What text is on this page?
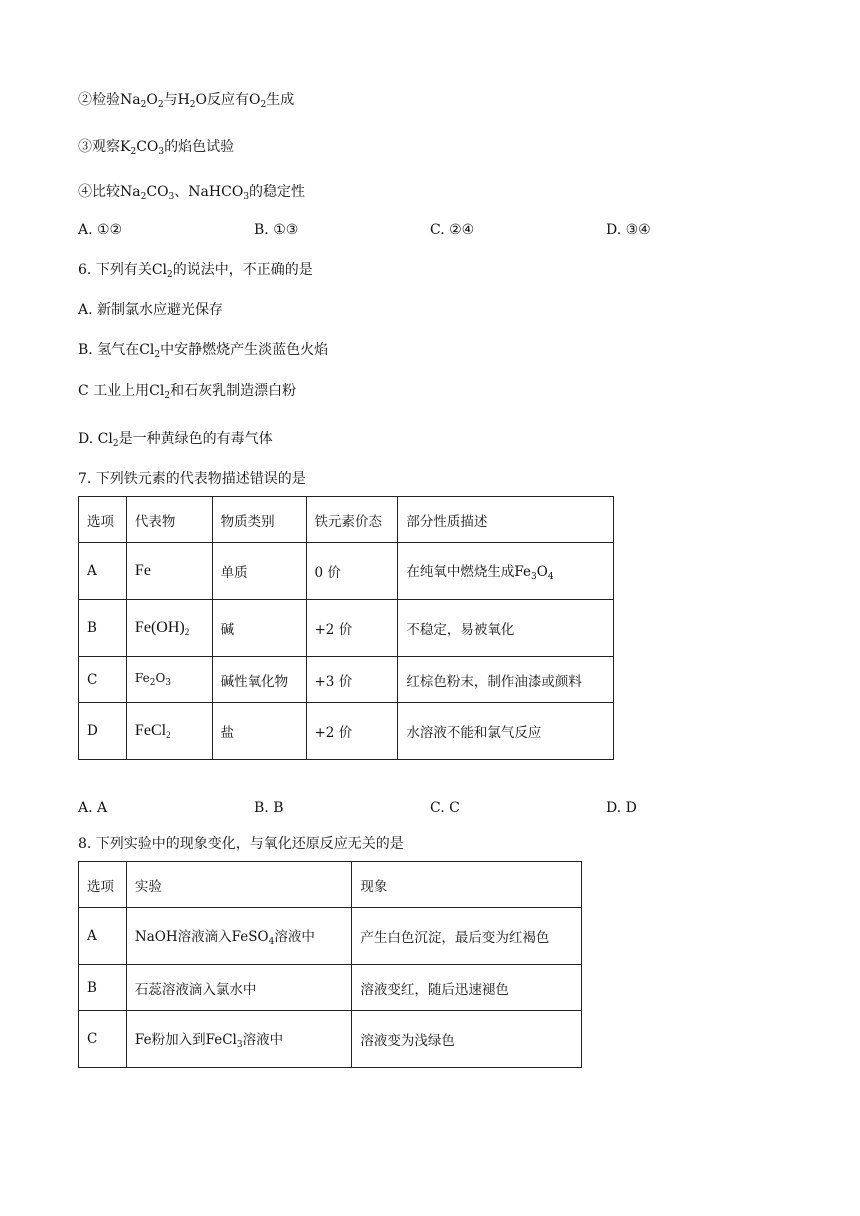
②检验$Na_2O_2$与$H_2O$反应有$O_2$生成
③观察$K_2CO_3$的焰色试验
④比较$Na_2CO_3$、NaHCO$_3$的稳定性
A. ①②	B. ①③	C. ②④	D. ③④
6. 下列有关$Cl_2$的说法中，不正确的是
A. 新制氯水应避光保存
B. 氢气在$Cl_2$中安静燃烧产生淡蓝色火焰
C 工业上用$Cl_2$和石灰乳制造漂白粉
D. $Cl_2$是一种黄绿色的有毒气体
7. 下列铁元素的代表物描述错误的是
选项	代表物	物质类别	铁元素价态	部分性质描述
A	Fe	单质	0 价	在纯氧中燃烧生成$Fe_3O_4$
B	$Fe(OH)_2$	碱	+2 价	不稳定，易被氧化
C	$Fe_2O_3$	碱性氧化物	+3 价	红棕色粉末，制作油漆或颜料
D	FeCl$_2$	盐	+2 价	水溶液不能和氯气反应
A. A	B. B	C. C	D. D
8. 下列实验中的现象变化，与氧化还原反应无关的是
选项	实验	现象
A	NaOH溶液滴入FeSO$_4$溶液中	产生白色沉淀，最后变为红褐色
B	石蕊溶液滴入氯水中	溶液变红，随后迅速褪色
C	Fe粉加入到FeCl$_3$溶液中	溶液变为浅绿色
